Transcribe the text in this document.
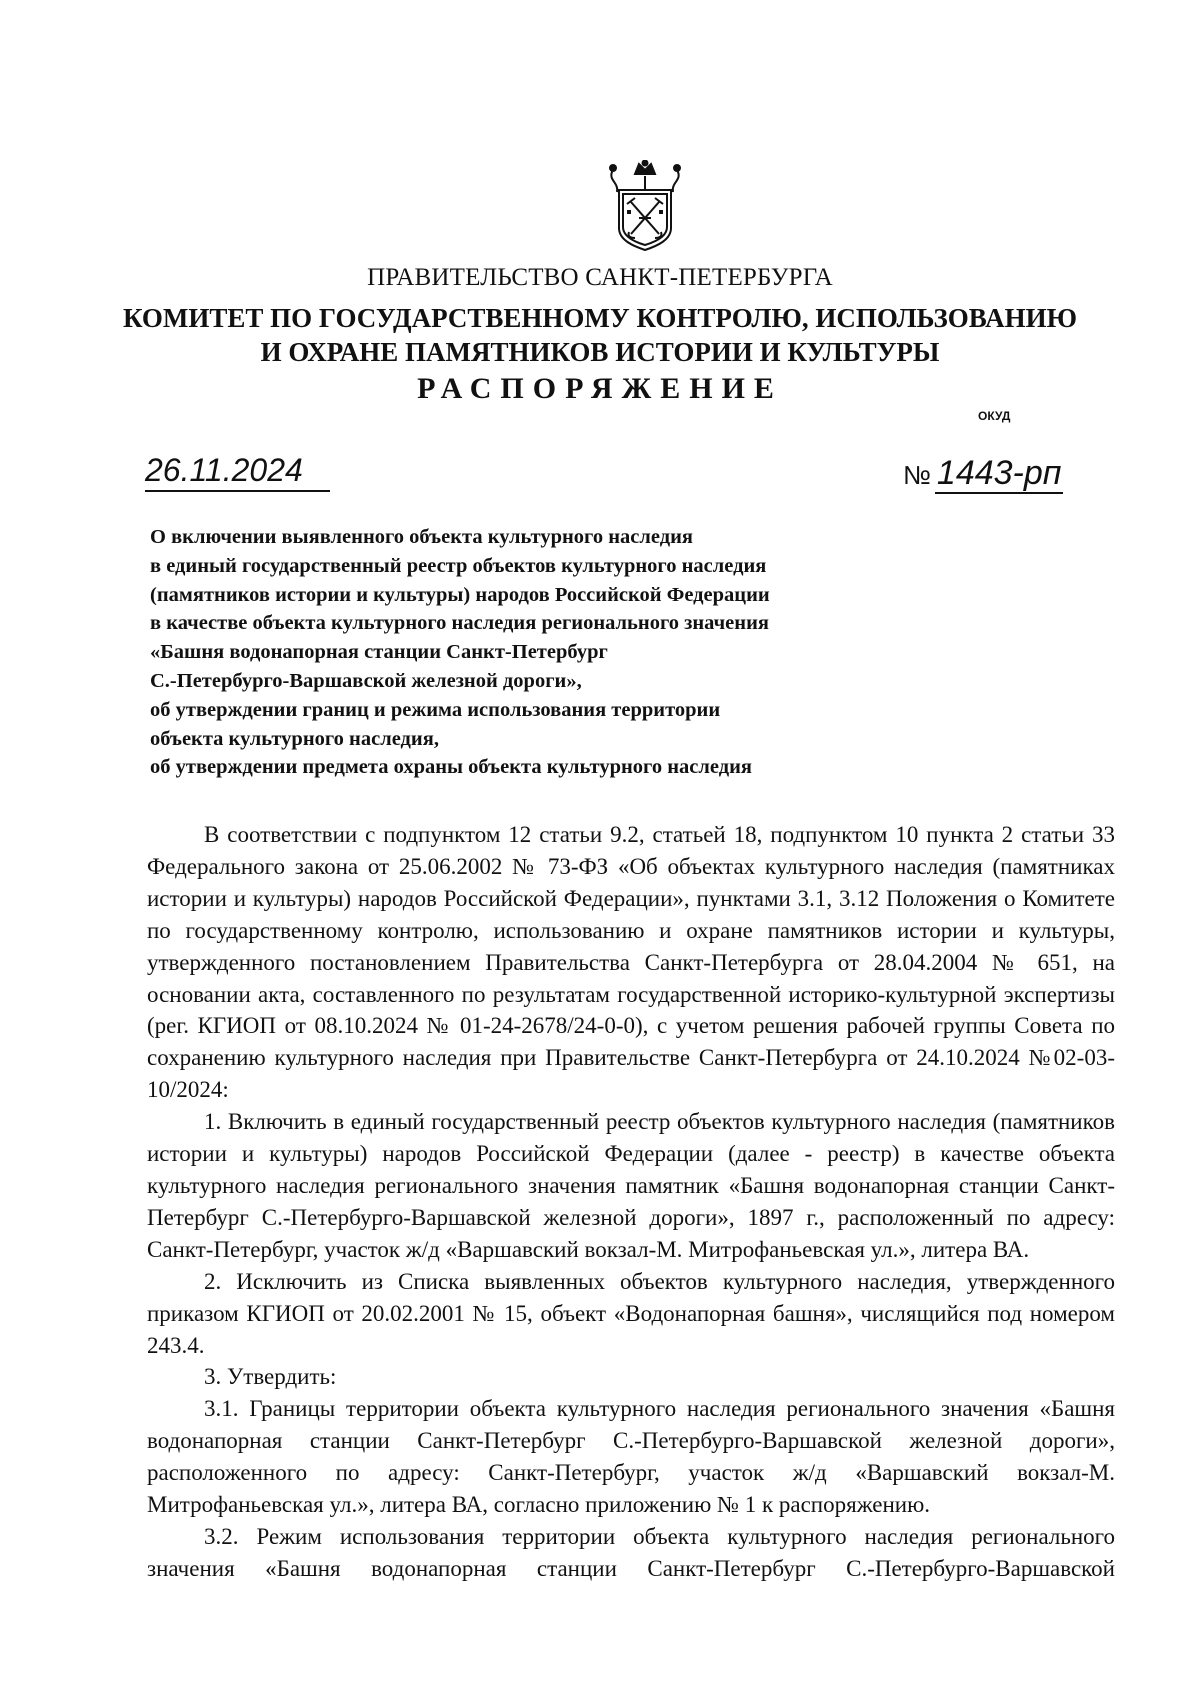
ПРАВИТЕЛЬСТВО САНКТ-ПЕТЕРБУРГА
КОМИТЕТ ПО ГОСУДАРСТВЕННОМУ КОНТРОЛЮ, ИСПОЛЬЗОВАНИЮ
И ОХРАНЕ ПАМЯТНИКОВ ИСТОРИИ И КУЛЬТУРЫ
РАСПОРЯЖЕНИЕ
ОКУД
26.11.2024	№ 1443-рп
О включении выявленного объекта культурного наследия
в единый государственный реестр объектов культурного наследия
(памятников истории и культуры) народов Российской Федерации
в качестве объекта культурного наследия регионального значения
«Башня водонапорная станции Санкт-Петербург
С.-Петербурго-Варшавской железной дороги»,
об утверждении границ и режима использования территории
объекта культурного наследия,
об утверждении предмета охраны объекта культурного наследия

В соответствии с подпунктом 12 статьи 9.2, статьей 18, подпунктом 10 пункта 2 статьи 33 Федерального закона от 25.06.2002 № 73-ФЗ «Об объектах культурного наследия (памятниках истории и культуры) народов Российской Федерации», пунктами 3.1, 3.12 Положения о Комитете по государственному контролю, использованию и охране памятников истории и культуры, утвержденного постановлением Правительства Санкт-Петербурга от 28.04.2004 № 651, на основании акта, составленного по результатам государственной историко-культурной экспертизы (рег. КГИОП от 08.10.2024 № 01-24-2678/24-0-0), с учетом решения рабочей группы Совета по сохранению культурного наследия при Правительстве Санкт-Петербурга от 24.10.2024 №02-03-10/2024:

1. Включить в единый государственный реестр объектов культурного наследия (памятников истории и культуры) народов Российской Федерации (далее - реестр) в качестве объекта культурного наследия регионального значения памятник «Башня водонапорная станции Санкт-Петербург С.-Петербурго-Варшавской железной дороги», 1897 г., расположенный по адресу: Санкт-Петербург, участок ж/д «Варшавский вокзал-М. Митрофаньевская ул.», литера ВА.

2. Исключить из Списка выявленных объектов культурного наследия, утвержденного приказом КГИОП от 20.02.2001 № 15, объект «Водонапорная башня», числящийся под номером 243.4.

3. Утвердить:

3.1. Границы территории объекта культурного наследия регионального значения «Башня водонапорная станции Санкт-Петербург С.-Петербурго-Варшавской железной дороги», расположенного по адресу: Санкт-Петербург, участок ж/д «Варшавский вокзал-М. Митрофаньевская ул.», литера ВА, согласно приложению № 1 к распоряжению.

3.2. Режим использования территории объекта культурного наследия регионального значения «Башня водонапорная станции Санкт-Петербург С.-Петербурго-Варшавской
